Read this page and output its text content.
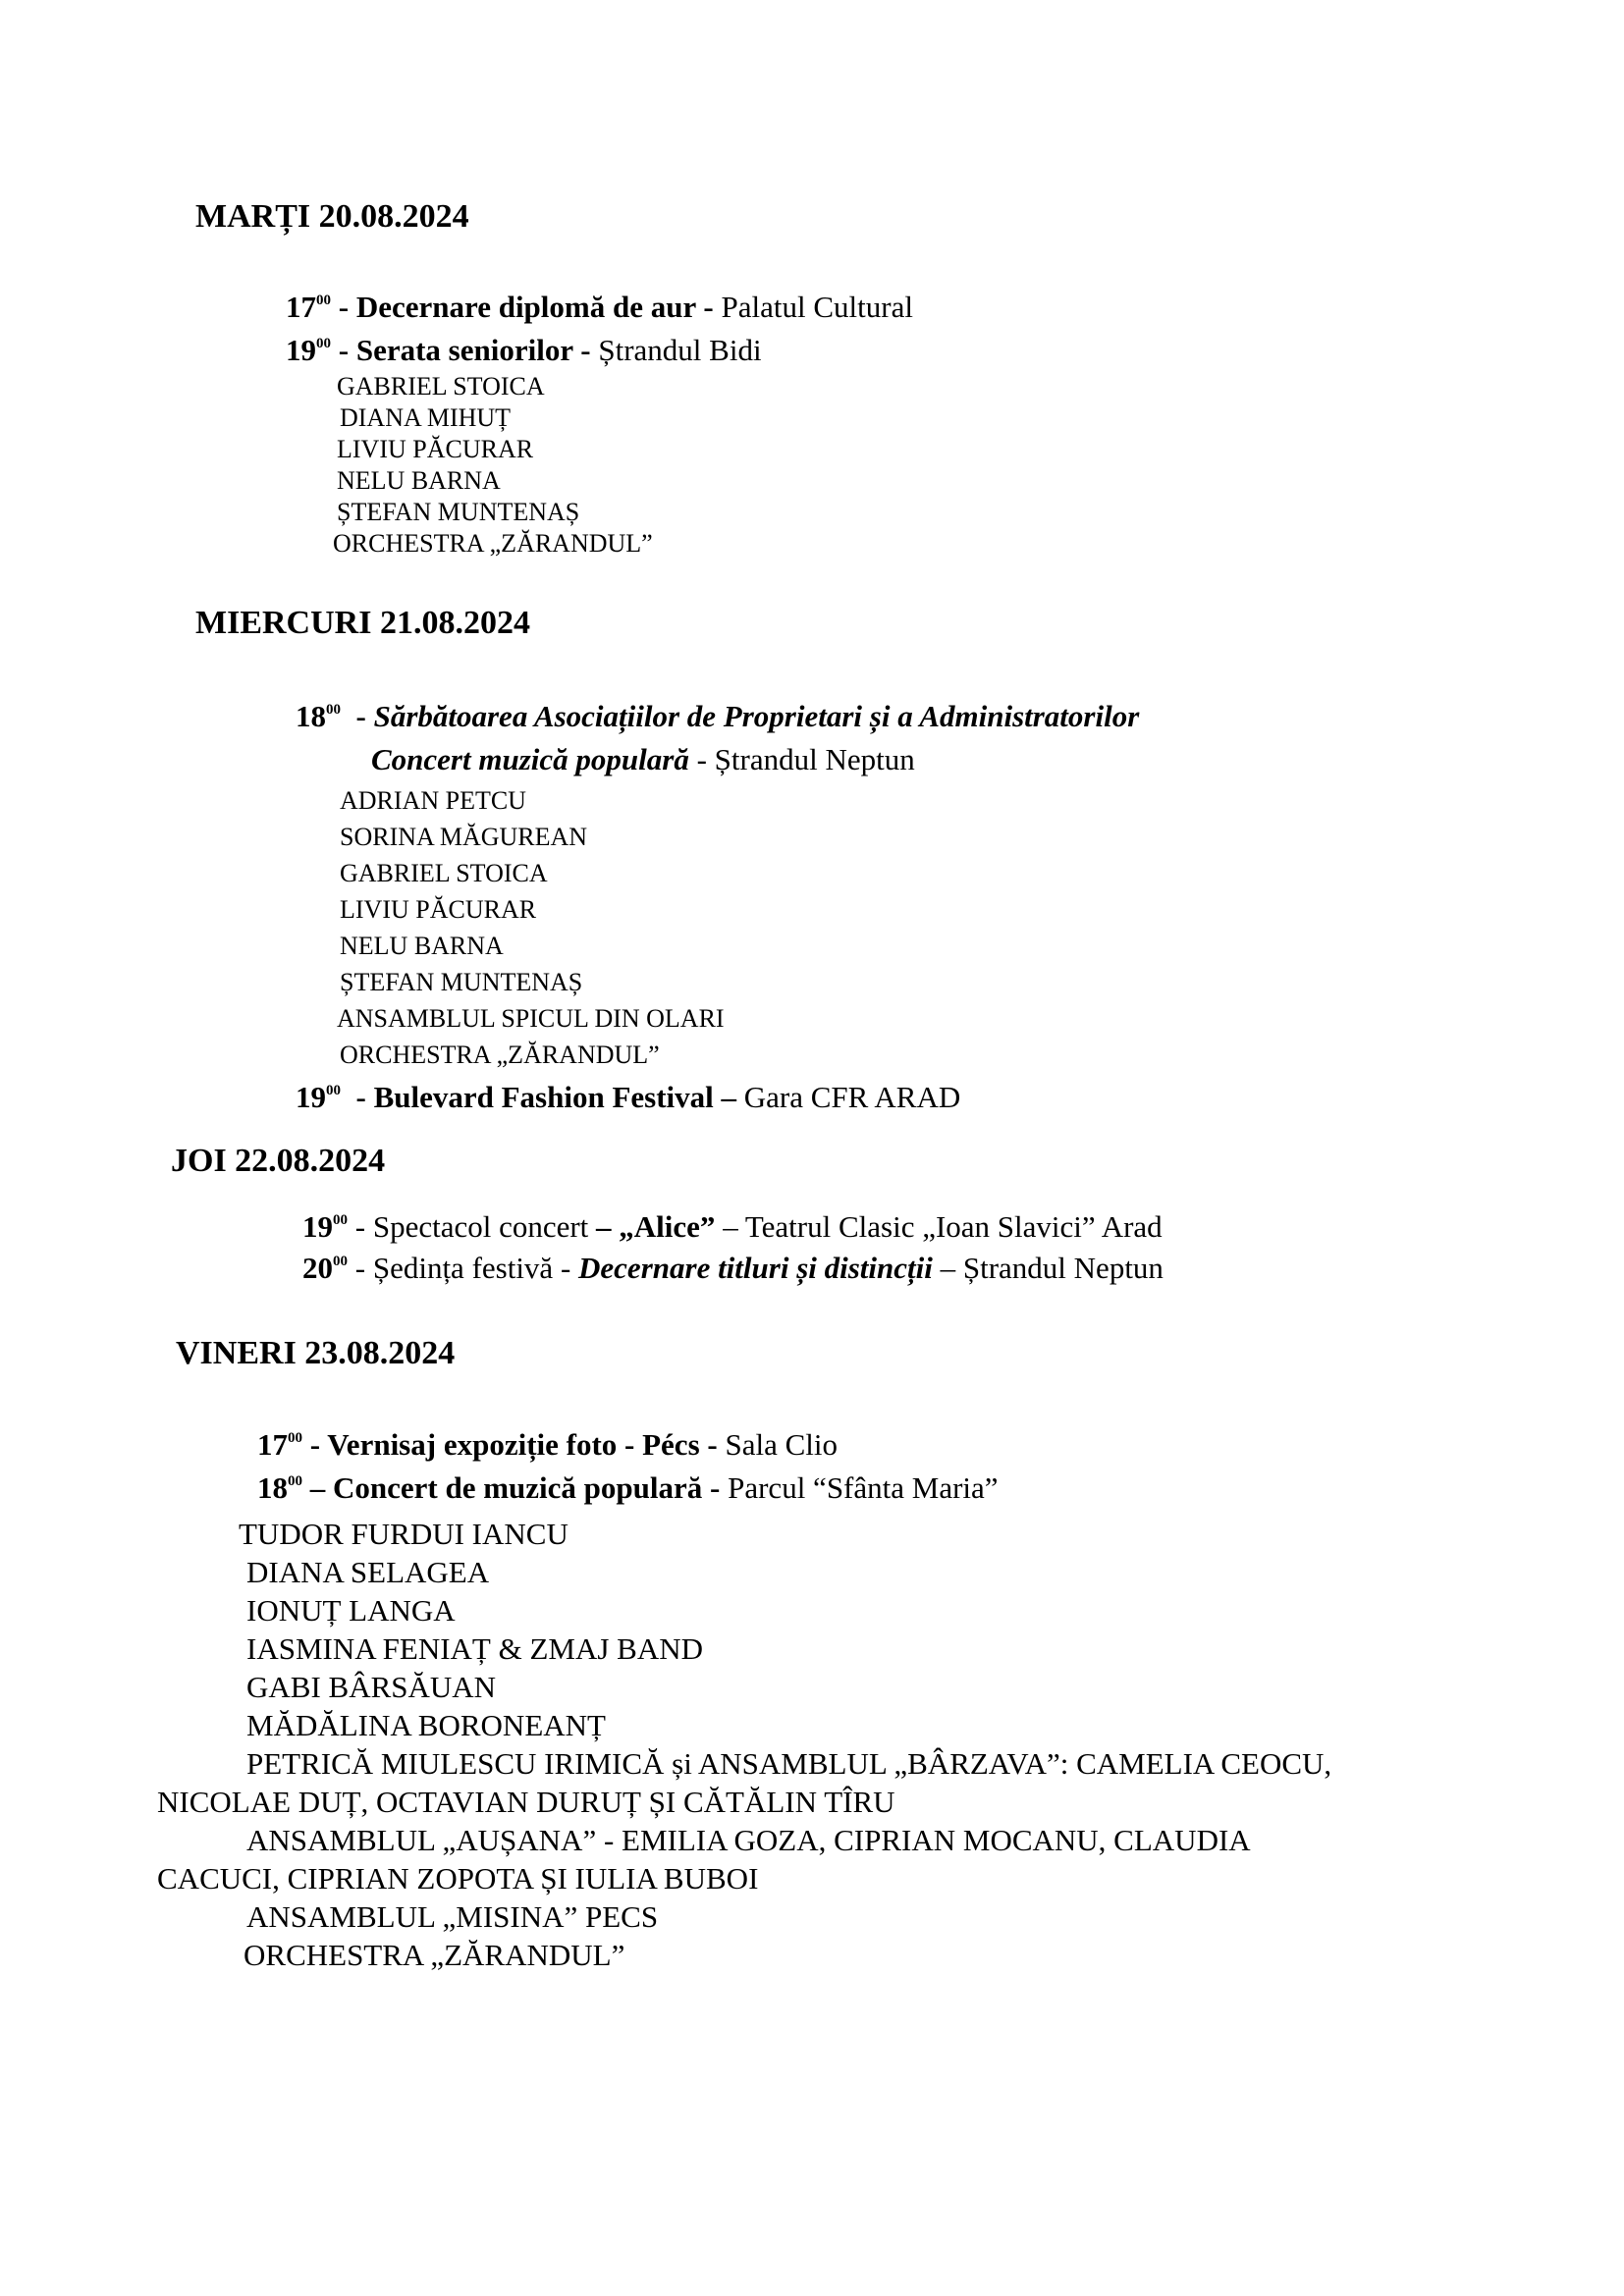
MARȚI 20.08.2024
$17^{00}$ - Decernare diplomă de aur - Palatul Cultural
$19^{00}$ - Serata seniorilor - Ștrandul Bidi
GABRIEL STOICA
DIANA MIHUȚ
LIVIU PĂCURAR
NELU BARNA
ȘTEFAN MUNTENAȘ
ORCHESTRA „ZĂRANDUL”
MIERCURI 21.08.2024
$18^{00}$  - Sărbătoarea Asociațiilor de Proprietari și a Administratorilor
Concert muzică populară - Ștrandul Neptun
ADRIAN PETCU
SORINA MĂGUREAN
GABRIEL STOICA
LIVIU PĂCURAR
NELU BARNA
ȘTEFAN MUNTENAȘ
ANSAMBLUL SPICUL DIN OLARI
ORCHESTRA „ZĂRANDUL”
$19^{00}$  - Bulevard Fashion Festival – Gara CFR ARAD
JOI 22.08.2024
$19^{00}$ - Spectacol concert – „Alice” – Teatrul Clasic „Ioan Slavici” Arad
$20^{00}$ - Ședința festivă - Decernare titluri și distincții – Ștrandul Neptun
VINERI 23.08.2024
$17^{00}$ - Vernisaj expoziție foto - Pécs - Sala Clio
$18^{00}$ – Concert de muzică populară - Parcul “Sfânta Maria”
TUDOR FURDUI IANCU
DIANA SELAGEA
IONUȚ LANGA
IASMINA FENIAȚ & ZMAJ BAND
GABI BÂRSĂUAN
MĂDĂLINA BORONEANȚ
PETRICĂ MIULESCU IRIMICĂ și ANSAMBLUL „BÂRZAVA”: CAMELIA CEOCU,
NICOLAE DUȚ, OCTAVIAN DURUȚ ȘI CĂTĂLIN TÎRU
ANSAMBLUL „AUȘANA” - EMILIA GOZA, CIPRIAN MOCANU, CLAUDIA
CACUCI, CIPRIAN ZOPOTA ȘI IULIA BUBOI
ANSAMBLUL „MISINA” PECS
ORCHESTRA „ZĂRANDUL”
